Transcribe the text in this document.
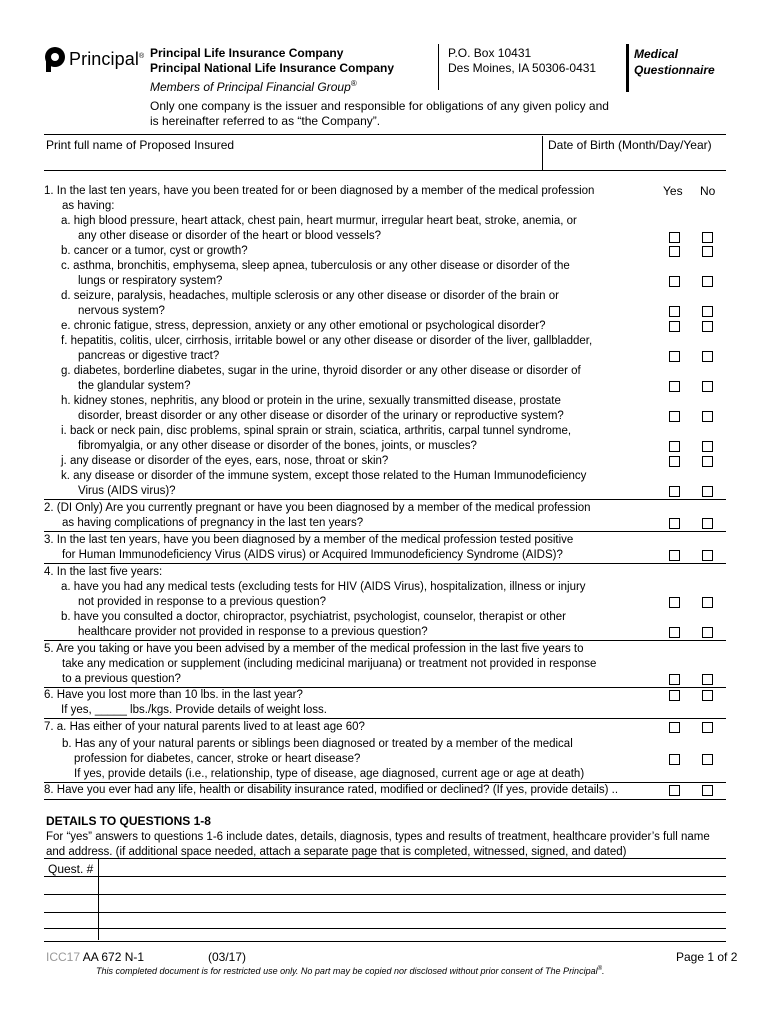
Principal® Principal Life Insurance Company
Principal National Life Insurance Company
Members of Principal Financial Group®
Only one company is the issuer and responsible for obligations of any given policy and is hereinafter referred to as “the Company”.
P.O. Box 10431
Des Moines, IA 50306-0431
Medical
Questionnaire
Print full name of Proposed Insured	Date of Birth (Month/Day/Year)
Yes No
1. In the last ten years, have you been treated for or been diagnosed by a member of the medical profession
as having:
a. high blood pressure, heart attack, chest pain, heart murmur, irregular heart beat, stroke, anemia, or
any other disease or disorder of the heart or blood vessels?
b. cancer or a tumor, cyst or growth?
c. asthma, bronchitis, emphysema, sleep apnea, tuberculosis or any other disease or disorder of the
lungs or respiratory system?
d. seizure, paralysis, headaches, multiple sclerosis or any other disease or disorder of the brain or
nervous system?
e. chronic fatigue, stress, depression, anxiety or any other emotional or psychological disorder?
f. hepatitis, colitis, ulcer, cirrhosis, irritable bowel or any other disease or disorder of the liver, gallbladder,
pancreas or digestive tract?
g. diabetes, borderline diabetes, sugar in the urine, thyroid disorder or any other disease or disorder of
the glandular system?
h. kidney stones, nephritis, any blood or protein in the urine, sexually transmitted disease, prostate
disorder, breast disorder or any other disease or disorder of the urinary or reproductive system?
i. back or neck pain, disc problems, spinal sprain or strain, sciatica, arthritis, carpal tunnel syndrome,
fibromyalgia, or any other disease or disorder of the bones, joints, or muscles?
j. any disease or disorder of the eyes, ears, nose, throat or skin?
k. any disease or disorder of the immune system, except those related to the Human Immunodeficiency
Virus (AIDS virus)?
2. (DI Only) Are you currently pregnant or have you been diagnosed by a member of the medical profession
as having complications of pregnancy in the last ten years?
3. In the last ten years, have you been diagnosed by a member of the medical profession tested positive
for Human Immunodeficiency Virus (AIDS virus) or Acquired Immunodeficiency Syndrome (AIDS)?
4. In the last five years:
a. have you had any medical tests (excluding tests for HIV (AIDS Virus), hospitalization, illness or injury
not provided in response to a previous question?
b. have you consulted a doctor, chiropractor, psychiatrist, psychologist, counselor, therapist or other
healthcare provider not provided in response to a previous question?
5. Are you taking or have you been advised by a member of the medical profession in the last five years to
take any medication or supplement (including medicinal marijuana) or treatment not provided in response
to a previous question?
6. Have you lost more than 10 lbs. in the last year?
If yes, _____ lbs./kgs. Provide details of weight loss.
7. a. Has either of your natural parents lived to at least age 60?
b. Has any of your natural parents or siblings been diagnosed or treated by a member of the medical
profession for diabetes, cancer, stroke or heart disease?
If yes, provide details (i.e., relationship, type of disease, age diagnosed, current age or age at death)
8. Have you ever had any life, health or disability insurance rated, modified or declined? (If yes, provide details) ..
DETAILS TO QUESTIONS 1-8
For “yes” answers to questions 1-6 include dates, details, diagnosis, types and results of treatment, healthcare provider’s full name and address. (if additional space needed, attach a separate page that is completed, witnessed, signed, and dated)
Quest. #
ICC17 AA 672 N-1	(03/17)	Page 1 of 2
This completed document is for restricted use only. No part may be copied nor disclosed without prior consent of The Principal®.
